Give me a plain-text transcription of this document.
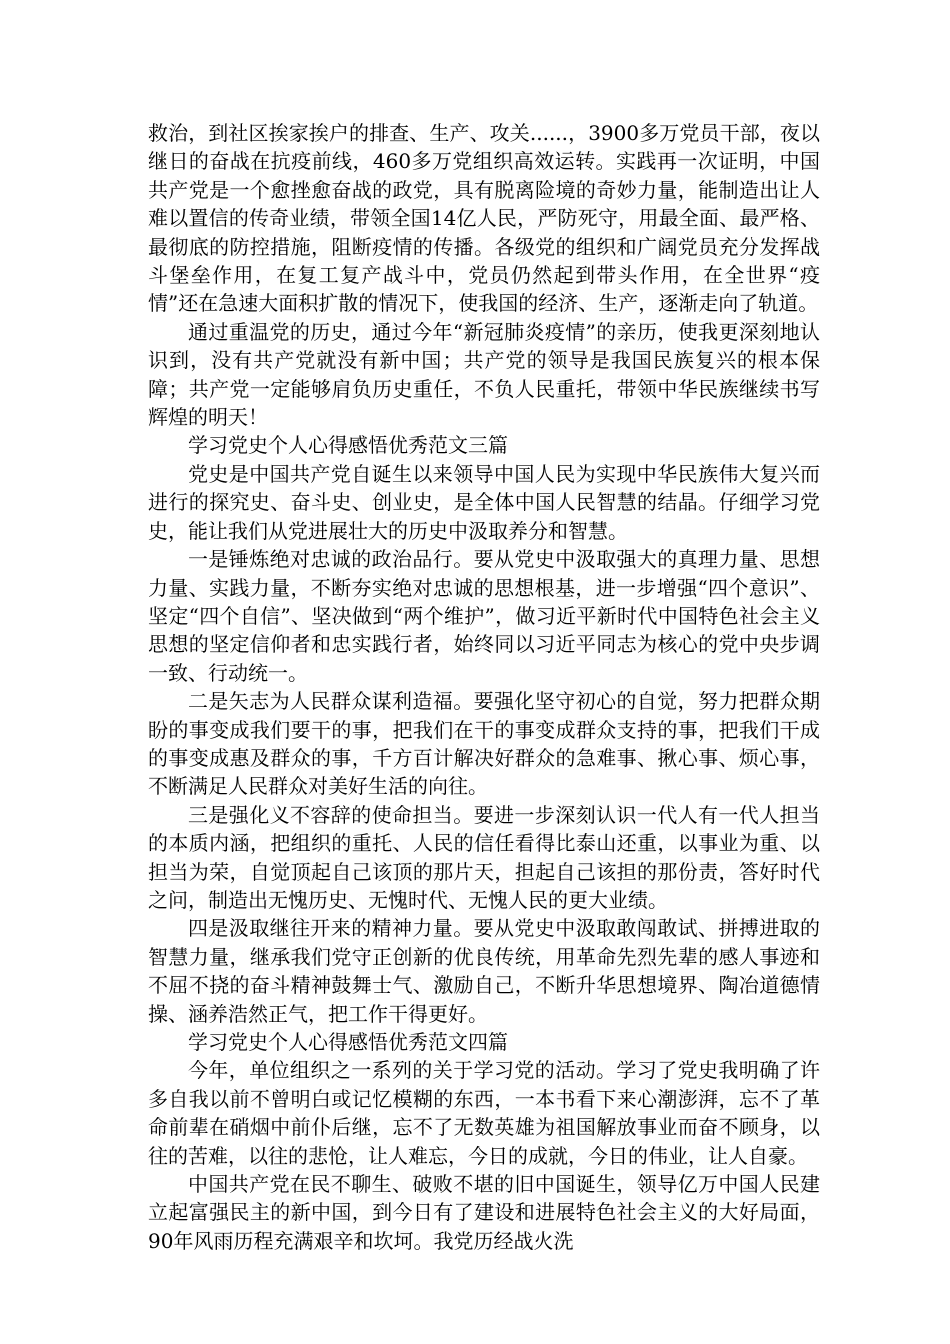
救治，到社区挨家挨户的排查、生产、攻关......，3900多万党员干部，夜以继日的奋战在抗疫前线，460多万党组织高效运转。实践再一次证明，中国共产党是一个愈挫愈奋战的政党，具有脱离险境的奇妙力量，能制造出让人难以置信的传奇业绩，带领全国14亿人民，严防死守，用最全面、最严格、最彻底的防控措施，阻断疫情的传播。各级党的组织和广阔党员充分发挥战斗堡垒作用，在复工复产战斗中，党员仍然起到带头作用，在全世界“疫情”还在急速大面积扩散的情况下，使我国的经济、生产，逐渐走向了轨道。

通过重温党的历史，通过今年“新冠肺炎疫情”的亲历，使我更深刻地认识到，没有共产党就没有新中国；共产党的领导是我国民族复兴的根本保障；共产党一定能够肩负历史重任，不负人民重托，带领中华民族继续书写辉煌的明天！

学习党史个人心得感悟优秀范文三篇

党史是中国共产党自诞生以来领导中国人民为实现中华民族伟大复兴而进行的探究史、奋斗史、创业史，是全体中国人民智慧的结晶。仔细学习党史，能让我们从党进展壮大的历史中汲取养分和智慧。

一是锤炼绝对忠诚的政治品行。要从党史中汲取强大的真理力量、思想力量、实践力量，不断夯实绝对忠诚的思想根基，进一步增强“四个意识”、坚定“四个自信”、坚决做到“两个维护”，做习近平新时代中国特色社会主义思想的坚定信仰者和忠实践行者，始终同以习近平同志为核心的党中央步调一致、行动统一。

二是矢志为人民群众谋利造福。要强化坚守初心的自觉，努力把群众期盼的事变成我们要干的事，把我们在干的事变成群众支持的事，把我们干成的事变成惠及群众的事，千方百计解决好群众的急难事、揪心事、烦心事，不断满足人民群众对美好生活的向往。

三是强化义不容辞的使命担当。要进一步深刻认识一代人有一代人担当的本质内涵，把组织的重托、人民的信任看得比泰山还重，以事业为重、以担当为荣，自觉顶起自己该顶的那片天，担起自己该担的那份责，答好时代之问，制造出无愧历史、无愧时代、无愧人民的更大业绩。

四是汲取继往开来的精神力量。要从党史中汲取敢闯敢试、拼搏进取的智慧力量，继承我们党守正创新的优良传统，用革命先烈先辈的感人事迹和不屈不挠的奋斗精神鼓舞士气、激励自己，不断升华思想境界、陶冶道德情操、涵养浩然正气，把工作干得更好。

学习党史个人心得感悟优秀范文四篇

今年，单位组织之一系列的关于学习党的活动。学习了党史我明确了许多自我以前不曾明白或记忆模糊的东西，一本书看下来心潮澎湃，忘不了革命前辈在硝烟中前仆后继，忘不了无数英雄为祖国解放事业而奋不顾身，以往的苦难，以往的悲怆，让人难忘，今日的成就，今日的伟业，让人自豪。

中国共产党在民不聊生、破败不堪的旧中国诞生，领导亿万中国人民建立起富强民主的新中国，到今日有了建设和进展特色社会主义的大好局面，90年风雨历程充满艰辛和坎坷。我党历经战火洗
